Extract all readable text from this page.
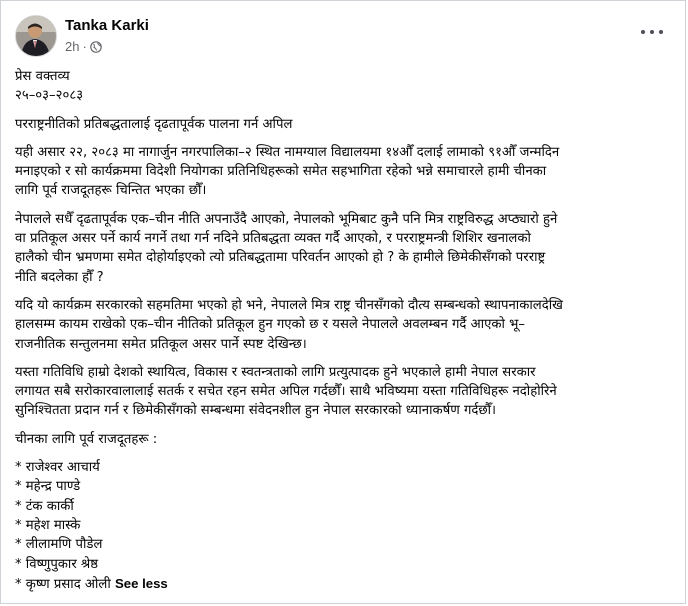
Tanka Karki
2h ·

प्रेस वक्तव्य

२५–०३–२०८३

परराष्ट्रनीतिको प्रतिबद्धतालाई दृढतापूर्वक पालना गर्न अपिल

यही असार २२, २०८३ मा नागार्जुन नगरपालिका–२ स्थित नामग्याल विद्यालयमा १४औँ दलाई लामाको ९१औँ जन्मदिन

मनाइएको र सो कार्यक्रममा विदेशी नियोगका प्रतिनिधिहरूको समेत सहभागिता रहेको भन्ने समाचारले हामी चीनका

लागि पूर्व राजदूतहरू चिन्तित भएका छौँ।

नेपालले सधैँ दृढतापूर्वक एक–चीन नीति अपनाउँदै आएको, नेपालको भूमिबाट कुनै पनि मित्र राष्ट्रविरुद्ध अप्ठ्यारो हुने

वा प्रतिकूल असर पर्ने कार्य नगर्ने तथा गर्न नदिने प्रतिबद्धता व्यक्त गर्दै आएको, र परराष्ट्रमन्त्री शिशिर खनालको

हालैको चीन भ्रमणमा समेत दोहोर्याइएको त्यो प्रतिबद्धतामा परिवर्तन आएको हो ? के हामीले छिमेकीसँगको परराष्ट्र

नीति बदलेका हौँ ?

यदि यो कार्यक्रम सरकारको सहमतिमा भएको हो भने, नेपालले मित्र राष्ट्र चीनसँगको दौत्य सम्बन्धको स्थापनाकालदेखि

हालसम्म कायम राखेको एक–चीन नीतिको प्रतिकूल हुन गएको छ र यसले नेपालले अवलम्बन गर्दै आएको भू–

राजनीतिक सन्तुलनमा समेत प्रतिकूल असर पार्ने स्पष्ट देखिन्छ।

यस्ता गतिविधि हाम्रो देशको स्थायित्व, विकास र स्वतन्त्रताको लागि प्रत्युत्पादक हुने भएकाले हामी नेपाल सरकार

लगायत सबै सरोकारवालालाई सतर्क र सचेत रहन समेत अपिल गर्दछौँ। साथै भविष्यमा यस्ता गतिविधिहरू नदोहोरिने

सुनिश्चितता प्रदान गर्न र छिमेकीसँगको सम्बन्धमा संवेदनशील हुन नेपाल सरकारको ध्यानाकर्षण गर्दछौँ।

चीनका लागि पूर्व राजदूतहरू :

* राजेश्वर आचार्य

* महेन्द्र पाण्डे

* टंक कार्की

* महेश मास्के

* लीलामणि पौडेल

* विष्णुपुकार श्रेष्ठ

* कृष्ण प्रसाद ओली See less
